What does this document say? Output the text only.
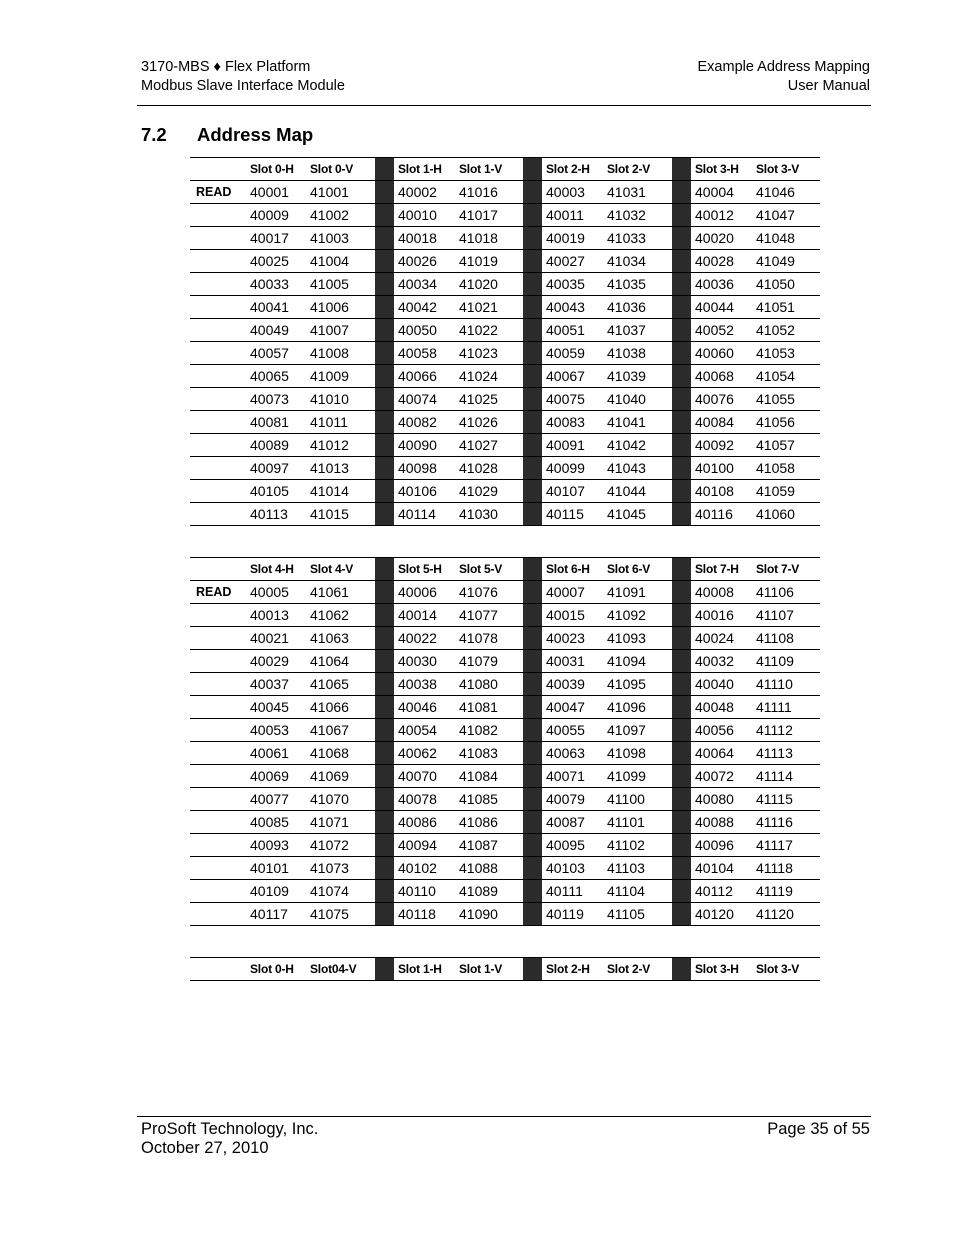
3170-MBS ♦ Flex Platform
Modbus Slave Interface Module
Example Address Mapping
User Manual
7.2 Address Map
	Slot 0-H	Slot 0-V		Slot 1-H	Slot 1-V		Slot 2-H	Slot 2-V		Slot 3-H	Slot 3-V
READ	40001	41001		40002	41016		40003	41031		40004	41046
	40009	41002		40010	41017		40011	41032		40012	41047
	40017	41003		40018	41018		40019	41033		40020	41048
	40025	41004		40026	41019		40027	41034		40028	41049
	40033	41005		40034	41020		40035	41035		40036	41050
	40041	41006		40042	41021		40043	41036		40044	41051
	40049	41007		40050	41022		40051	41037		40052	41052
	40057	41008		40058	41023		40059	41038		40060	41053
	40065	41009		40066	41024		40067	41039		40068	41054
	40073	41010		40074	41025		40075	41040		40076	41055
	40081	41011		40082	41026		40083	41041		40084	41056
	40089	41012		40090	41027		40091	41042		40092	41057
	40097	41013		40098	41028		40099	41043		40100	41058
	40105	41014		40106	41029		40107	41044		40108	41059
	40113	41015		40114	41030		40115	41045		40116	41060
	Slot 4-H	Slot 4-V		Slot 5-H	Slot 5-V		Slot 6-H	Slot 6-V		Slot 7-H	Slot 7-V
READ	40005	41061		40006	41076		40007	41091		40008	41106
	40013	41062		40014	41077		40015	41092		40016	41107
	40021	41063		40022	41078		40023	41093		40024	41108
	40029	41064		40030	41079		40031	41094		40032	41109
	40037	41065		40038	41080		40039	41095		40040	41110
	40045	41066		40046	41081		40047	41096		40048	41111
	40053	41067		40054	41082		40055	41097		40056	41112
	40061	41068		40062	41083		40063	41098		40064	41113
	40069	41069		40070	41084		40071	41099		40072	41114
	40077	41070		40078	41085		40079	41100		40080	41115
	40085	41071		40086	41086		40087	41101		40088	41116
	40093	41072		40094	41087		40095	41102		40096	41117
	40101	41073		40102	41088		40103	41103		40104	41118
	40109	41074		40110	41089		40111	41104		40112	41119
	40117	41075		40118	41090		40119	41105		40120	41120
	Slot 0-H	Slot04-V		Slot 1-H	Slot 1-V		Slot 2-H	Slot 2-V		Slot 3-H	Slot 3-V
ProSoft Technology, Inc.
October 27, 2010
Page 35 of 55
